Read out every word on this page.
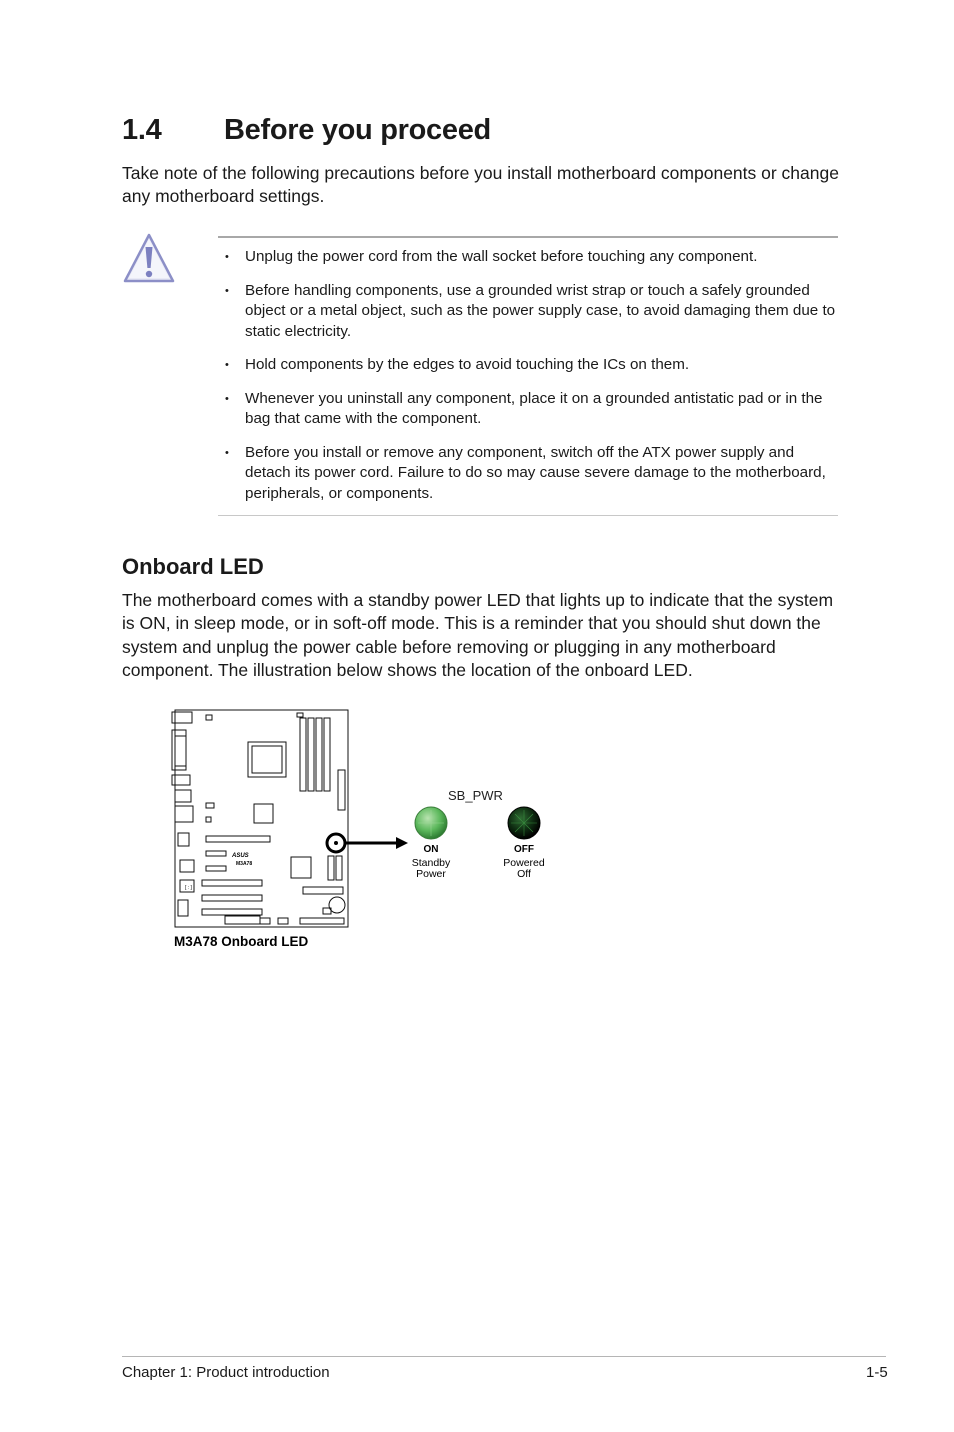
1.4 Before you proceed
Take note of the following precautions before you install motherboard components or change any motherboard settings.
• Unplug the power cord from the wall socket before touching any component.
• Before handling components, use a grounded wrist strap or touch a safely grounded object or a metal object, such as the power supply case, to avoid damaging them due to static electricity.
• Hold components by the edges to avoid touching the ICs on them.
• Whenever you uninstall any component, place it on a grounded antistatic pad or in the bag that came with the component.
• Before you install or remove any component, switch off the ATX power supply and detach its power cord. Failure to do so may cause severe damage to the motherboard, peripherals, or components.
Onboard LED
The motherboard comes with a standby power LED that lights up to indicate that the system is ON, in sleep mode, or in soft-off mode. This is a reminder that you should shut down the system and unplug the power cable before removing or plugging in any motherboard component. The illustration below shows the location of the onboard LED.
ASUS
M3A78
[ : ]
SB_PWR
ON
Standby
Power
OFF
Powered
Off
M3A78 Onboard LED
Chapter 1: Product introduction	1-5
